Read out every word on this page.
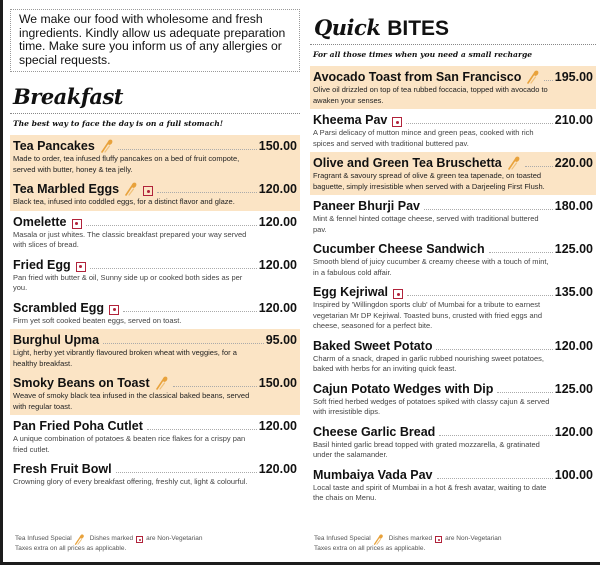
We make our food with wholesome and fresh ingredients. Kindly allow us adequate preparation time. Make sure you inform us of any allergies or special requests.
Breakfast
The best way to face the day is on a full stomach!
Tea Pancakes	150.00
Made to order, tea infused fluffy pancakes on a bed of fruit compote, served with butter, honey & tea jelly.
Tea Marbled Eggs	120.00
Black tea, infused into coddled eggs, for a distinct flavor and glaze.
Omelette	120.00
Masala or just whites. The classic breakfast prepared your way served with slices of bread.
Fried Egg	120.00
Pan fried with butter & oil, Sunny side up or cooked both sides as per you.
Scrambled Egg	120.00
Firm yet soft cooked beaten eggs, served on toast.
Burghul Upma	95.00
Light, herby yet vibrantly flavoured broken wheat with veggies, for a healthy breakfast.
Smoky Beans on Toast	150.00
Weave of smoky black tea infused in the classical baked beans, served with regular toast.
Pan Fried Poha Cutlet	120.00
A unique combination of potatoes & beaten rice flakes for a crispy pan fried cutlet.
Fresh Fruit Bowl	120.00
Crowning glory of every breakfast offering, freshly cut, light & colourful.
Quick BITES
For all those times when you need a small recharge
Avocado Toast from San Francisco	195.00
Olive oil drizzled on top of tea rubbed foccacia, topped with avocado to awaken your senses.
Kheema Pav	210.00
A Parsi delicacy of mutton mince and green peas, cooked with rich spices and served with traditional buttered pav.
Olive and Green Tea Bruschetta	220.00
Fragrant & savoury spread of olive & green tea tapenade, on toasted baguette, simply irresistible when served with a Darjeeling First Flush.
Paneer Bhurji Pav	180.00
Mint & fennel hinted cottage cheese, served with traditional buttered pav.
Cucumber Cheese Sandwich	125.00
Smooth blend of juicy cucumber & creamy cheese with a touch of mint, in a fabulous cold affair.
Egg Kejriwal	135.00
Inspired by 'Willingdon sports club' of Mumbai for a tribute to earnest vegetarian Mr DP Kejriwal. Toasted buns, crusted with fried eggs and cheese, seasoned for a perfect bite.
Baked Sweet Potato	120.00
Charm of a snack, draped in garlic rubbed nourishing sweet potatoes, baked with herbs for an inviting quick feast.
Cajun Potato Wedges with Dip	125.00
Soft fried herbed wedges of potatoes spiked with classy cajun & served with irresistible dips.
Cheese Garlic Bread	120.00
Basil hinted garlic bread topped with grated mozzarella, & gratinated under the salamander.
Mumbaiya Vada Pav	100.00
Local taste and spirit of Mumbai in a hot & fresh avatar, waiting to date the chais on Menu.
Tea Infused Special	Dishes marked are Non-Vegetarian
Taxes extra on all prices as applicable.
Tea Infused Special	Dishes marked are Non-Vegetarian
Taxes extra on all prices as applicable.
